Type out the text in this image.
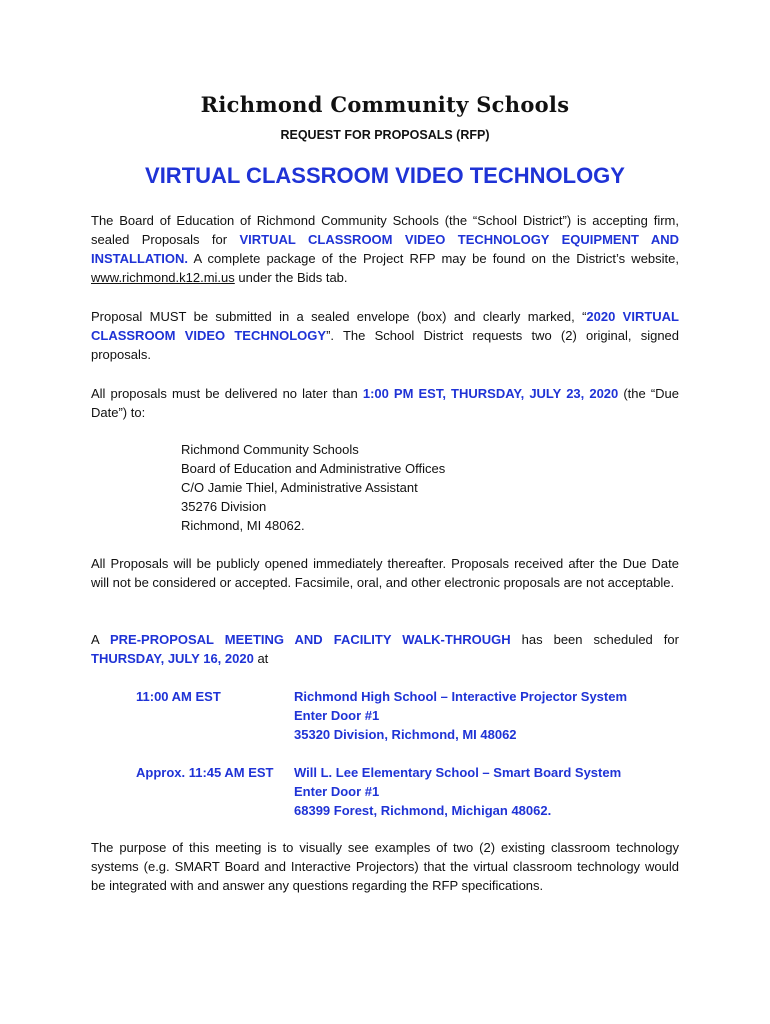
Richmond Community Schools
REQUEST FOR PROPOSALS (RFP)
VIRTUAL CLASSROOM VIDEO TECHNOLOGY
The Board of Education of Richmond Community Schools (the “School District”) is accepting firm, sealed Proposals for VIRTUAL CLASSROOM VIDEO TECHNOLOGY EQUIPMENT AND INSTALLATION. A complete package of the Project RFP may be found on the District’s website, www.richmond.k12.mi.us under the Bids tab.
Proposal MUST be submitted in a sealed envelope (box) and clearly marked, “2020 VIRTUAL CLASSROOM VIDEO TECHNOLOGY”. The School District requests two (2) original, signed proposals.
All proposals must be delivered no later than 1:00 PM EST, THURSDAY, JULY 23, 2020 (the “Due Date”) to:
Richmond Community Schools
Board of Education and Administrative Offices
C/O Jamie Thiel, Administrative Assistant
35276 Division
Richmond, MI 48062.
All Proposals will be publicly opened immediately thereafter. Proposals received after the Due Date will not be considered or accepted. Facsimile, oral, and other electronic proposals are not acceptable.
A PRE-PROPOSAL MEETING AND FACILITY WALK-THROUGH has been scheduled for THURSDAY, JULY 16, 2020 at
11:00 AM EST	Richmond High School – Interactive Projector System
Enter Door #1
35320 Division, Richmond, MI 48062
Approx. 11:45 AM EST Will L. Lee Elementary School – Smart Board System
Enter Door #1
68399 Forest, Richmond, Michigan 48062.
The purpose of this meeting is to visually see examples of two (2) existing classroom technology systems (e.g. SMART Board and Interactive Projectors) that the virtual classroom technology would be integrated with and answer any questions regarding the RFP specifications.
